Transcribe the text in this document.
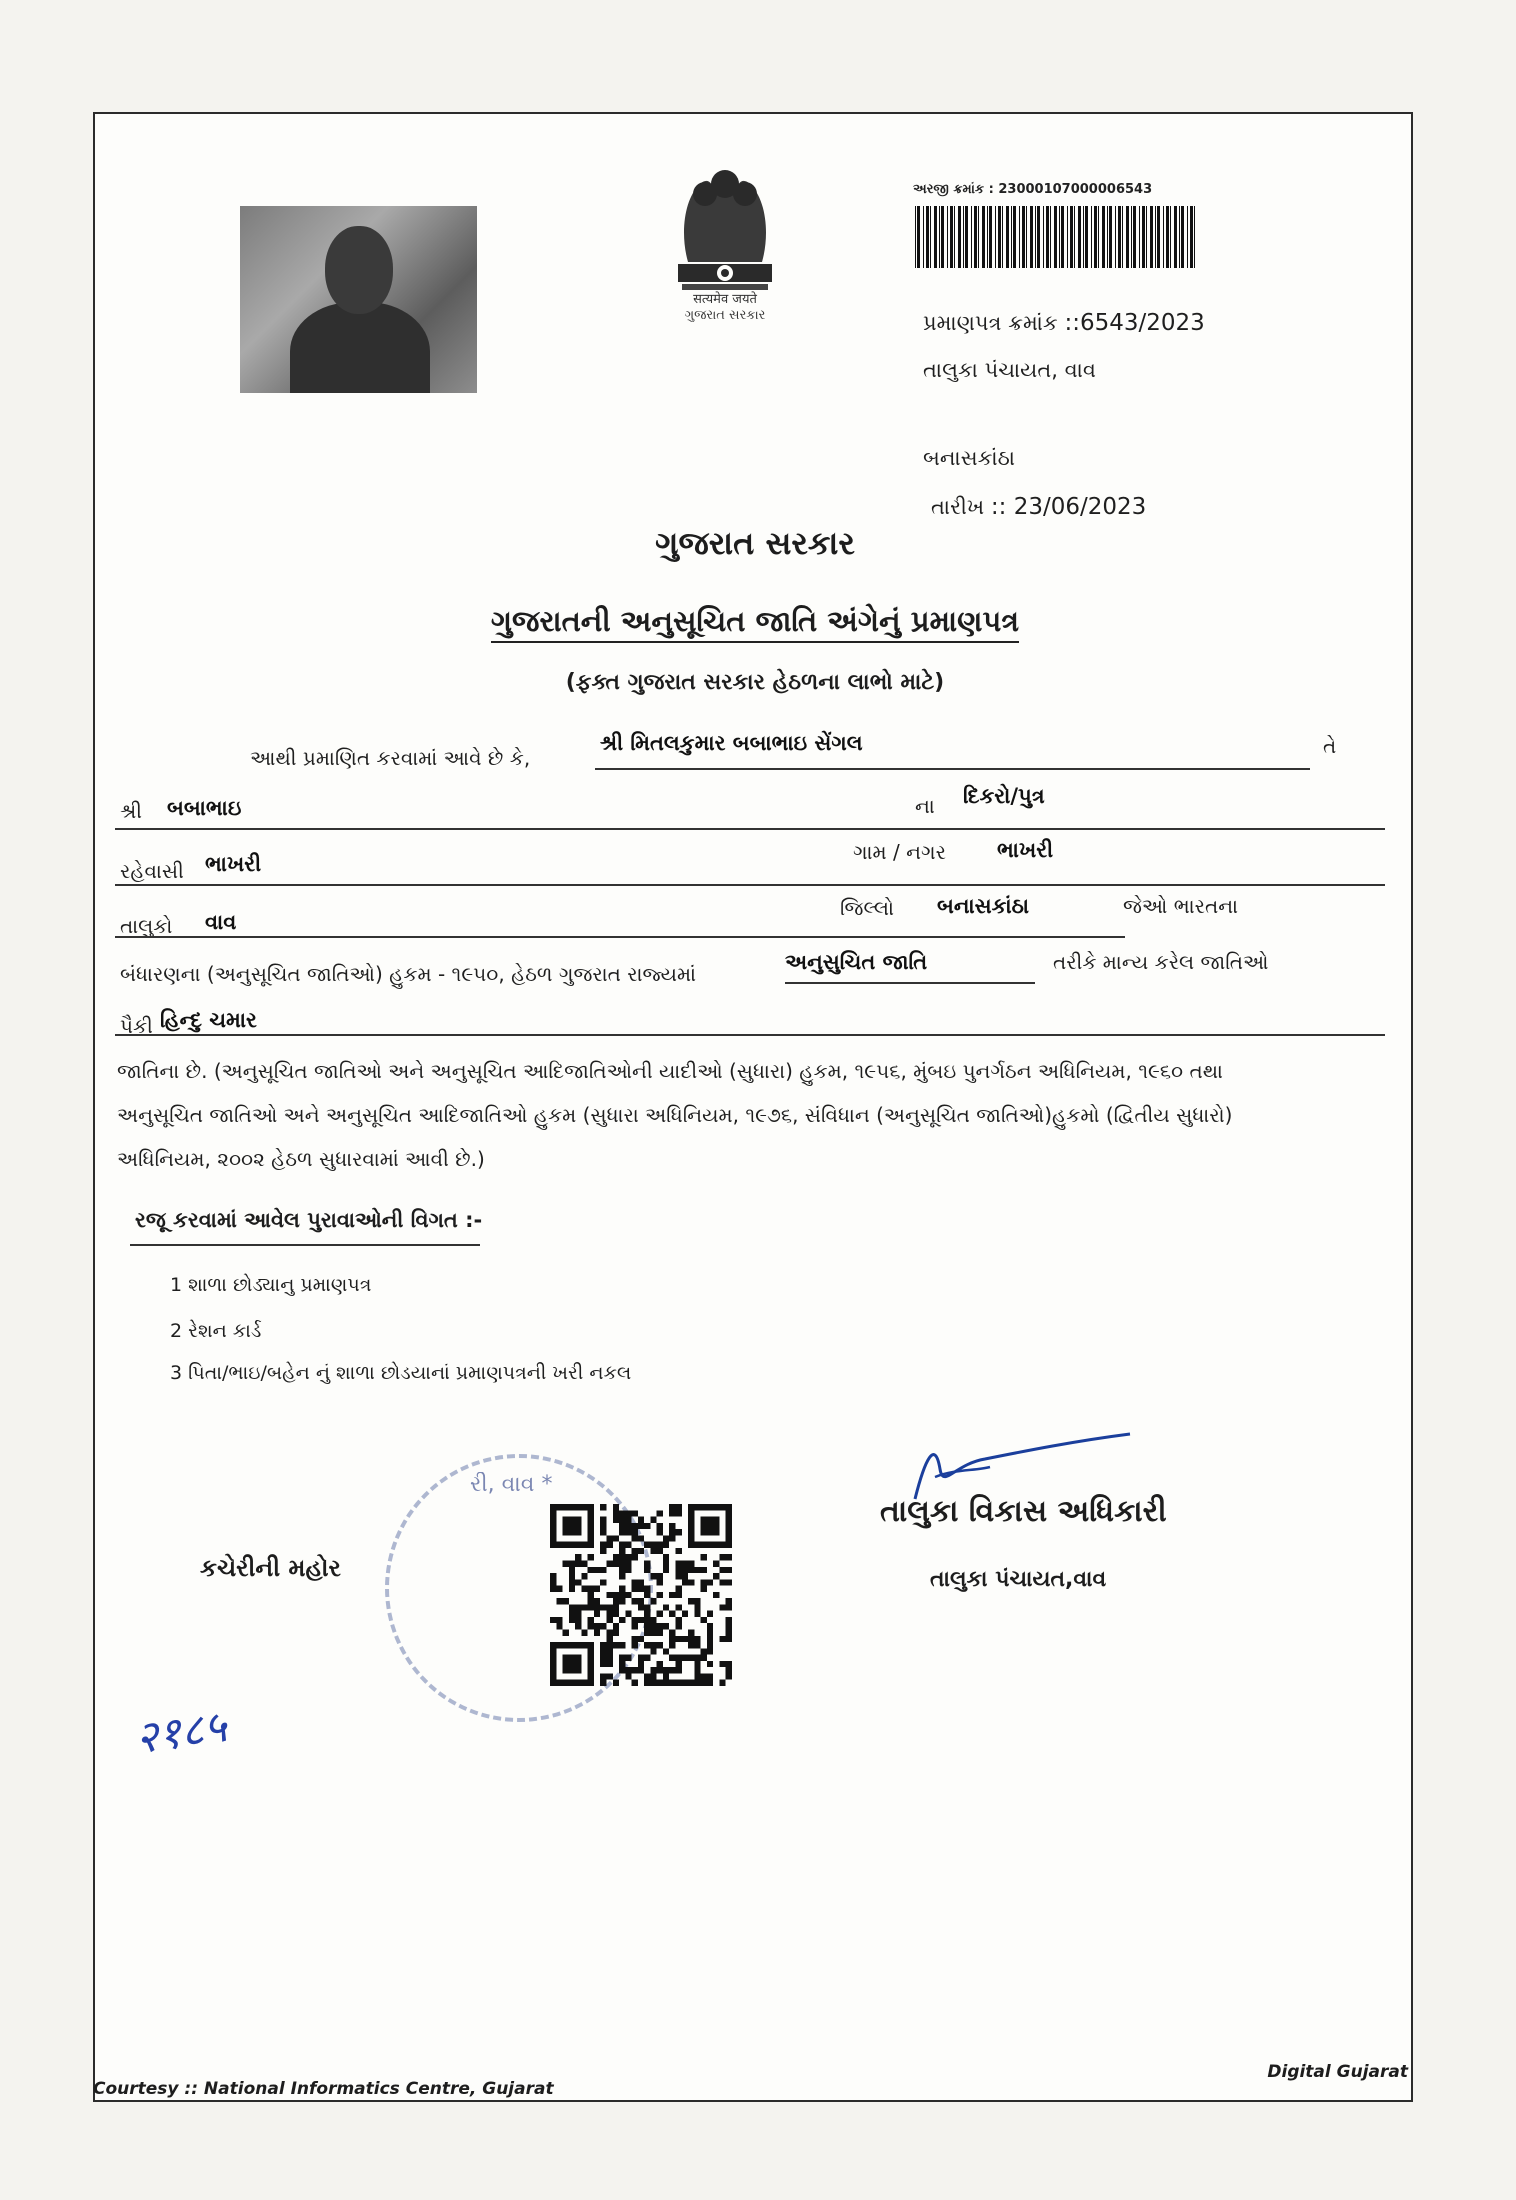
सत्यमेव जयते
ગુજરાત સરકાર
અરજી ક્રમાંક : 23000107000006543
પ્રમાણપત્ર ક્રમાંક ::6543/2023
તાલુકા પંચાયત, વાવ
બનાસકાંઠા
તારીખ :: 23/06/2023
ગુજરાત સરકાર
ગુજરાતની અનુસૂચિત જાતિ અંગેનું પ્રમાણપત્ર
(ફક્ત ગુજરાત સરકાર હેઠળના લાભો માટે)
આથી પ્રમાણિત કરવામાં આવે છે કે,
શ્રી મિતલકુમાર બબાભાઇ સેંગલ	તે
શ્રી બબાભાઇ	ના દિકરો/પુત્ર
રહેવાસી ભાખરી	ગામ / નગર ભાખરી
તાલુકો વાવ
જિલ્લો બનાસકાંઠા	જેઓ ભારતના
બંધારણના (અનુસૂચિત જાતિઓ) હુકમ - ૧૯૫૦, હેઠળ ગુજરાત રાજ્યમાં	અનુસુચિત જાતિ	તરીકે માન્ય કરેલ જાતિઓ
પૈકી હિન્દુ ચમાર
જાતિના છે. (અનુસૂચિત જાતિઓ અને અનુસૂચિત આદિજાતિઓની યાદીઓ (સુધારા) હુકમ, ૧૯૫૬, મુંબઇ પુનર્ગઠન અધિનિયમ, ૧૯૬૦ તથા
અનુસૂચિત જાતિઓ અને અનુસૂચિત આદિજાતિઓ હુકમ (સુધારા અધિનિયમ, ૧૯૭૬, સંવિધાન (અનુસૂચિત જાતિઓ)હુકમો (દ્વિતીય સુધારો)
અધિનિયમ, ૨૦૦૨ હેઠળ સુધારવામાં આવી છે.)
રજૂ કરવામાં આવેલ પુરાવાઓની વિગત :-
1 શાળા છોડ્યાનુ પ્રમાણપત્ર
2 રેશન કાર્ડ
3 પિતા/ભાઇ/બહેન નું શાળા છોડયાનાં પ્રમાણપત્રની ખરી નકલ
રી, વાવ *
કચેરીની મહોર
તાલુકા વિકાસ અધિકારી
તાલુકા પંચાયત,વાવ
२१८५
Courtesy :: National Informatics Centre, Gujarat
Digital Gujarat
